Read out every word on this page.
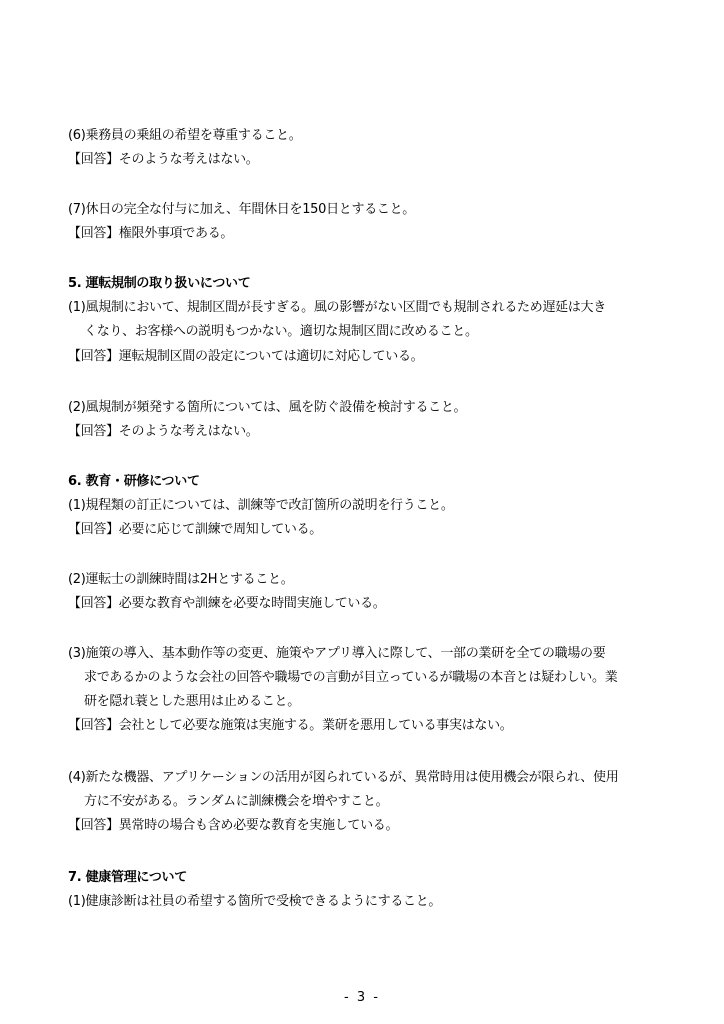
(6)乗務員の乗組の希望を尊重すること。
【回答】そのような考えはない。
(7)休日の完全な付与に加え、年間休日を150日とすること。
【回答】権限外事項である。
5. 運転規制の取り扱いについて
(1)風規制において、規制区間が長すぎる。風の影響がない区間でも規制されるため遅延は大き
くなり、お客様への説明もつかない。適切な規制区間に改めること。
【回答】運転規制区間の設定については適切に対応している。
(2)風規制が頻発する箇所については、風を防ぐ設備を検討すること。
【回答】そのような考えはない。
6. 教育・研修について
(1)規程類の訂正については、訓練等で改訂箇所の説明を行うこと。
【回答】必要に応じて訓練で周知している。
(2)運転士の訓練時間は2Hとすること。
【回答】必要な教育や訓練を必要な時間実施している。
(3)施策の導入、基本動作等の変更、施策やアプリ導入に際して、一部の業研を全ての職場の要
求であるかのような会社の回答や職場での言動が目立っているが職場の本音とは疑わしい。業
研を隠れ蓑とした悪用は止めること。
【回答】会社として必要な施策は実施する。業研を悪用している事実はない。
(4)新たな機器、アプリケーションの活用が図られているが、異常時用は使用機会が限られ、使用
方に不安がある。ランダムに訓練機会を増やすこと。
【回答】異常時の場合も含め必要な教育を実施している。
7. 健康管理について
(1)健康診断は社員の希望する箇所で受検できるようにすること。
- 3 -
